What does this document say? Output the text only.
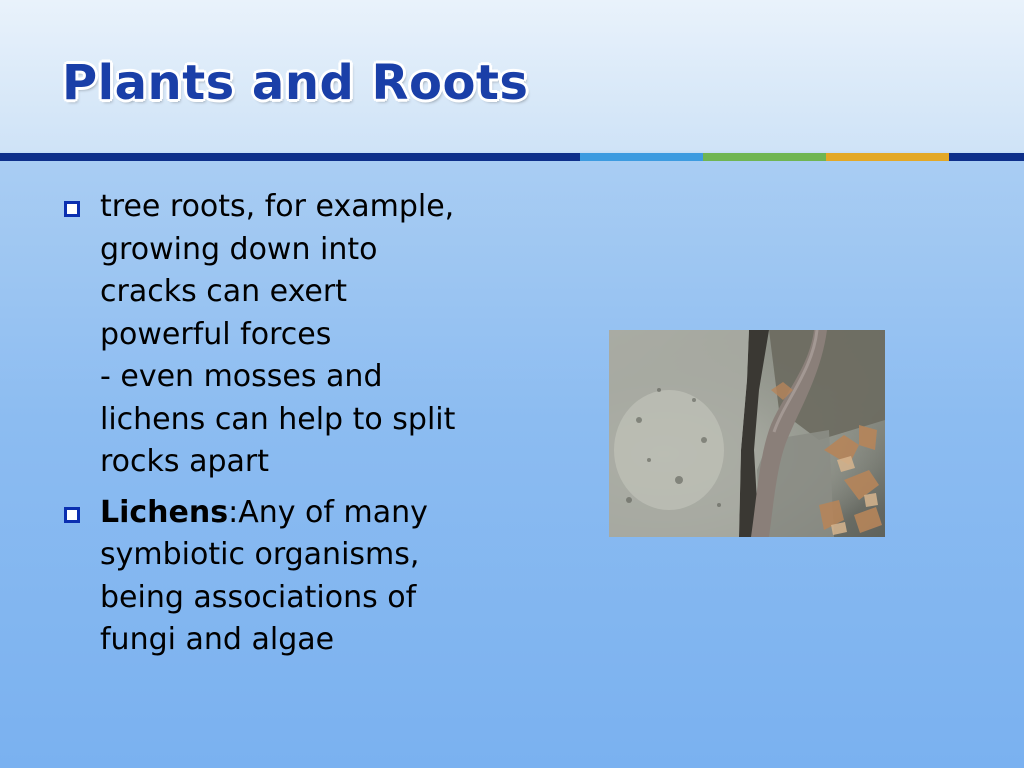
Plants and Roots
tree roots, for example,
growing down into
cracks can exert
powerful forces
- even mosses and
lichens can help to split
rocks apart
Lichens:Any of many
symbiotic organisms,
being associations of
fungi and algae
